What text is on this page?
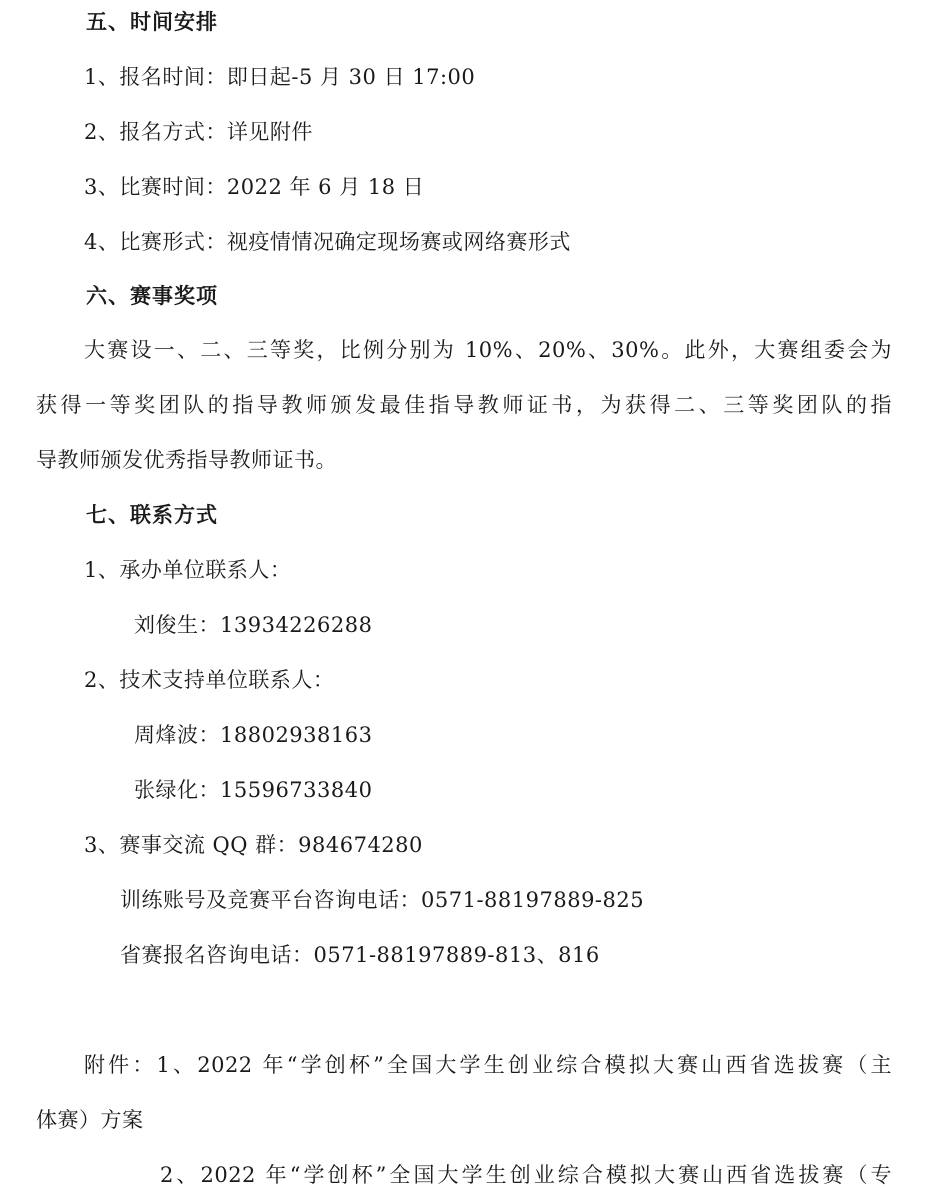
五、时间安排
1、报名时间：即日起-5 月 30 日 17:00
2、报名方式：详见附件
3、比赛时间：2022 年 6 月 18 日
4、比赛形式：视疫情情况确定现场赛或网络赛形式
六、赛事奖项
大赛设一、二、三等奖，比例分别为 10%、20%、30%。此外，大赛组委会为
获得一等奖团队的指导教师颁发最佳指导教师证书，为获得二、三等奖团队的指
导教师颁发优秀指导教师证书。
七、联系方式
1、承办单位联系人：
刘俊生：13934226288
2、技术支持单位联系人：
周烽波：18802938163
张绿化：15596733840
3、赛事交流 QQ 群：984674280
训练账号及竞赛平台咨询电话：0571-88197889-825
省赛报名咨询电话：0571-88197889-813、816
附件：1、2022 年“学创杯”全国大学生创业综合模拟大赛山西省选拔赛（主
体赛）方案
2、2022 年“学创杯”全国大学生创业综合模拟大赛山西省选拔赛（专
